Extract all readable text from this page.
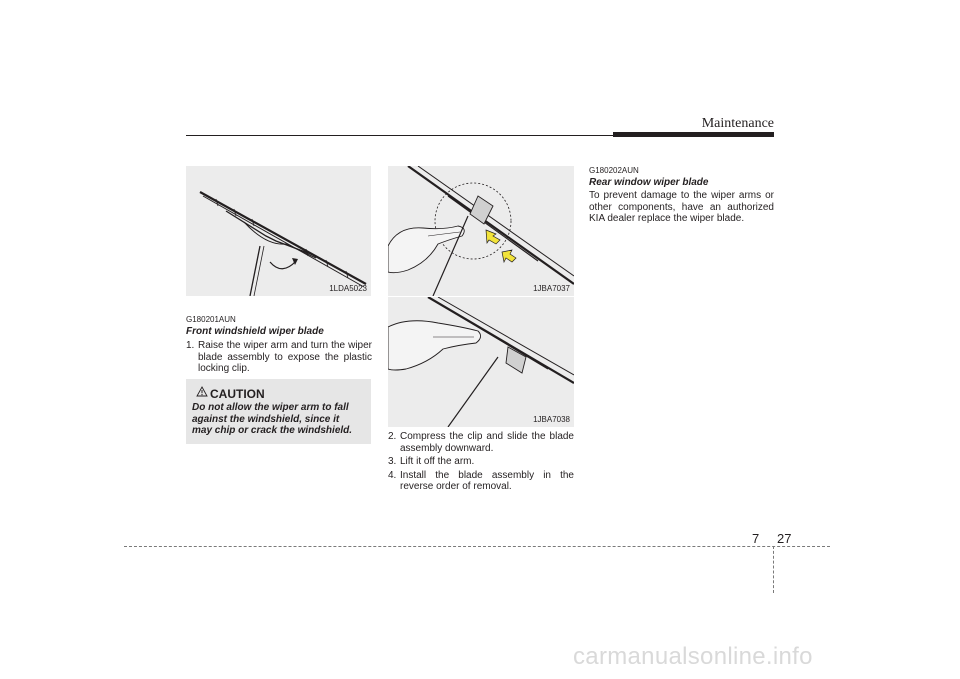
Maintenance
1LDA5023
G180201AUN
Front windshield wiper blade
1. Raise the wiper arm and turn the wiper blade assembly to expose the plastic locking clip.
CAUTION
Do not allow the wiper arm to fall against the windshield, since it may chip or crack the windshield.
1JBA7037
1JBA7038
2. Compress the clip and slide the blade assembly downward.
3. Lift it off the arm.
4. Install the blade assembly in the reverse order of removal.
G180202AUN
Rear window wiper blade
To prevent damage to the wiper arms or other components, have an authorized KIA dealer replace the wiper blade.
7 27
carmanualsonline.info
